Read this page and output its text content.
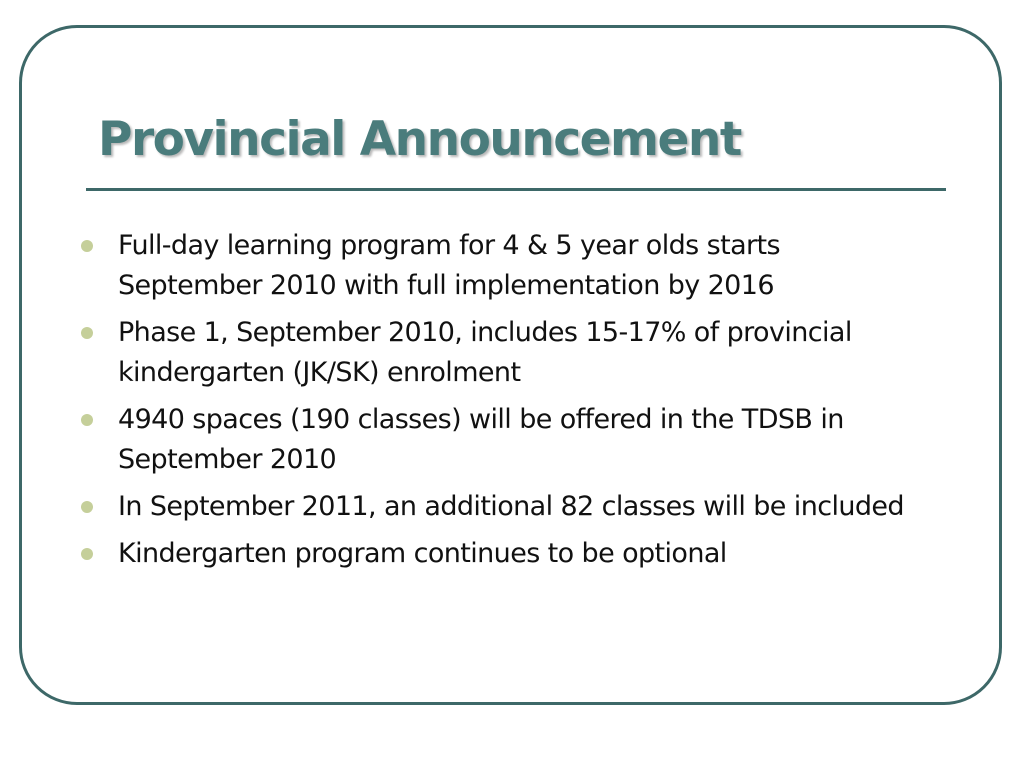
Provincial Announcement
Full-day learning program for 4 & 5 year olds starts September 2010 with full implementation by 2016
Phase 1, September 2010, includes 15-17% of provincial kindergarten (JK/SK) enrolment
4940 spaces (190 classes) will be offered in the TDSB in September 2010
In September 2011, an additional 82 classes will be included
Kindergarten program continues to be optional
